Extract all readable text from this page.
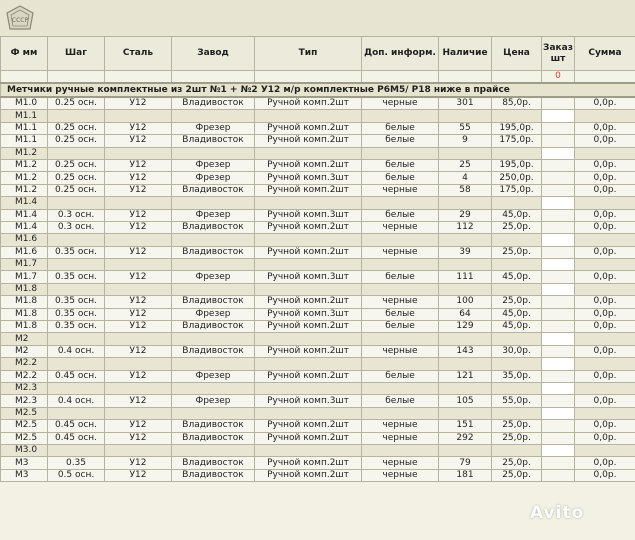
СССР
Ф мм	Шаг	Сталь	Завод	Тип	Доп. информ.	Наличие	Цена	Заказ шт	Сумма
								0	
Метчики ручные комплектные из 2шт №1 + №2 У12 м/р комплектные Р6М5/ Р18 ниже в прайсе									
М1.0	0.25 осн.	У12	Владивосток	Ручной комп.2шт	черные	301	85,0р.		0,0р.
М1.1									
М1.1	0.25 осн.	У12	Фрезер	Ручной комп.2шт	белые	55	195,0р.		0,0р.
М1.1	0.25 осн.	У12	Владивосток	Ручной комп.2шт	белые	9	175,0р.		0,0р.
М1.2									
М1.2	0.25 осн.	У12	Фрезер	Ручной комп.2шт	белые	25	195,0р.		0,0р.
М1.2	0.25 осн.	У12	Фрезер	Ручной комп.3шт	белые	4	250,0р.		0,0р.
М1.2	0.25 осн.	У12	Владивосток	Ручной комп.2шт	черные	58	175,0р.		0,0р.
М1.4									
М1.4	0.3 осн.	У12	Фрезер	Ручной комп.3шт	белые	29	45,0р.		0,0р.
М1.4	0.3 осн.	У12	Владивосток	Ручной комп.2шт	черные	112	25,0р.		0,0р.
М1.6									
М1.6	0.35 осн.	У12	Владивосток	Ручной комп.2шт	черные	39	25,0р.		0,0р.
М1.7									
М1.7	0.35 осн.	У12	Фрезер	Ручной комп.3шт	белые	111	45,0р.		0,0р.
М1.8									
М1.8	0.35 осн.	У12	Владивосток	Ручной комп.2шт	черные	100	25,0р.		0,0р.
М1.8	0.35 осн.	У12	Фрезер	Ручной комп.3шт	белые	64	45,0р.		0,0р.
М1.8	0.35 осн.	У12	Владивосток	Ручной комп.2шт	белые	129	45,0р.		0,0р.
М2									
М2	0.4 осн.	У12	Владивосток	Ручной комп.2шт	черные	143	30,0р.		0,0р.
М2.2									
М2.2	0.45 осн.	У12	Фрезер	Ручной комп.2шт	белые	121	35,0р.		0,0р.
М2.3									
М2.3	0.4 осн.	У12	Фрезер	Ручной комп.3шт	белые	105	55,0р.		0,0р.
М2.5									
М2.5	0.45 осн.	У12	Владивосток	Ручной комп.2шт	черные	151	25,0р.		0,0р.
М2.5	0.45 осн.	У12	Владивосток	Ручной комп.2шт	черные	292	25,0р.		0,0р.
М3.0									
М3	0.35	У12	Владивосток	Ручной комп.2шт	черные	79	25,0р.		0,0р.
М3	0.5 осн.	У12	Владивосток	Ручной комп.2шт	черные	181	25,0р.		0,0р.
Avito
